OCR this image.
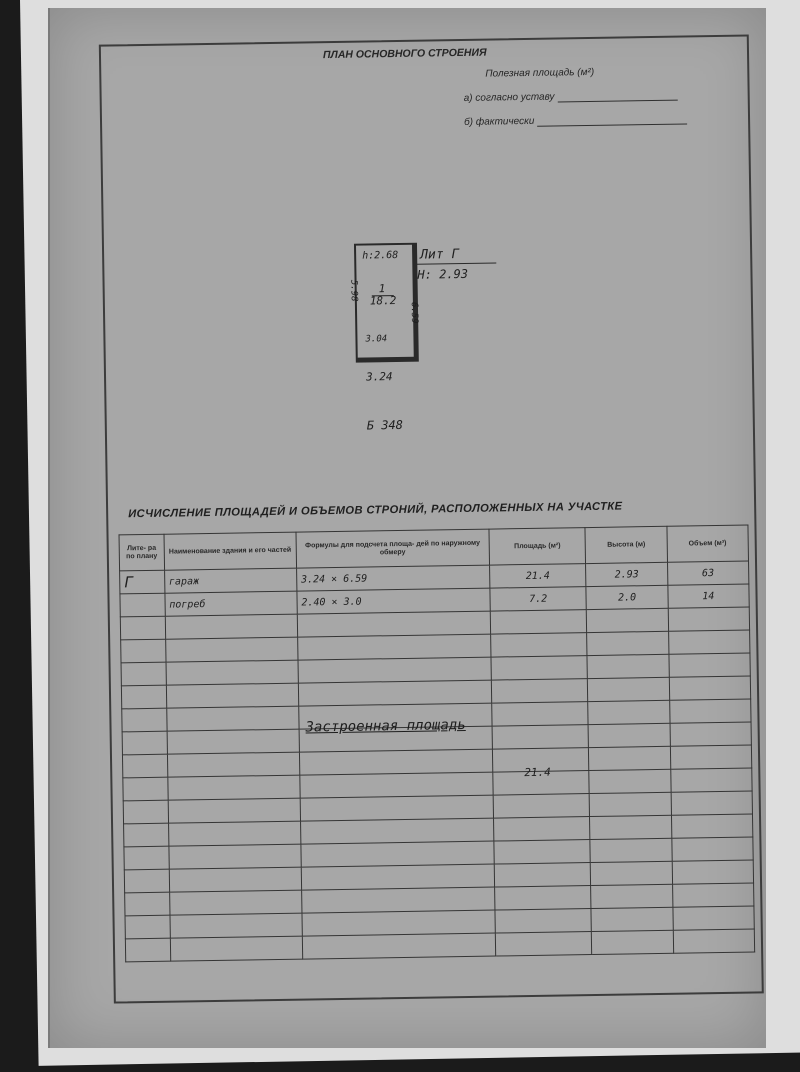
ПЛАН ОСНОВНОГО СТРОЕНИЯ
Полезная площадь (м²)
а) согласно уставу
б) фактически
h:2.68 Лит Г
H: 2.93
5.98
6.59
1
18.2
3.04
3.24
Б 348
ИСЧИСЛЕНИЕ ПЛОЩАДЕЙ И ОБЪЕМОВ СТРОНИЙ, РАСПОЛОЖЕННЫХ НА УЧАСТКЕ
Лите- ра по плану	Наименование здания и его частей	Формулы для подсчета площа- дей по наружному обмеру	Площадь (м²)	Высота (м)	Объем (м³)
Г	гараж	3.24 × 6.59	21.4	2.93	63
	погреб	2.40 × 3.0	7.2	2.0	14

Застроенная площадь
21.4
